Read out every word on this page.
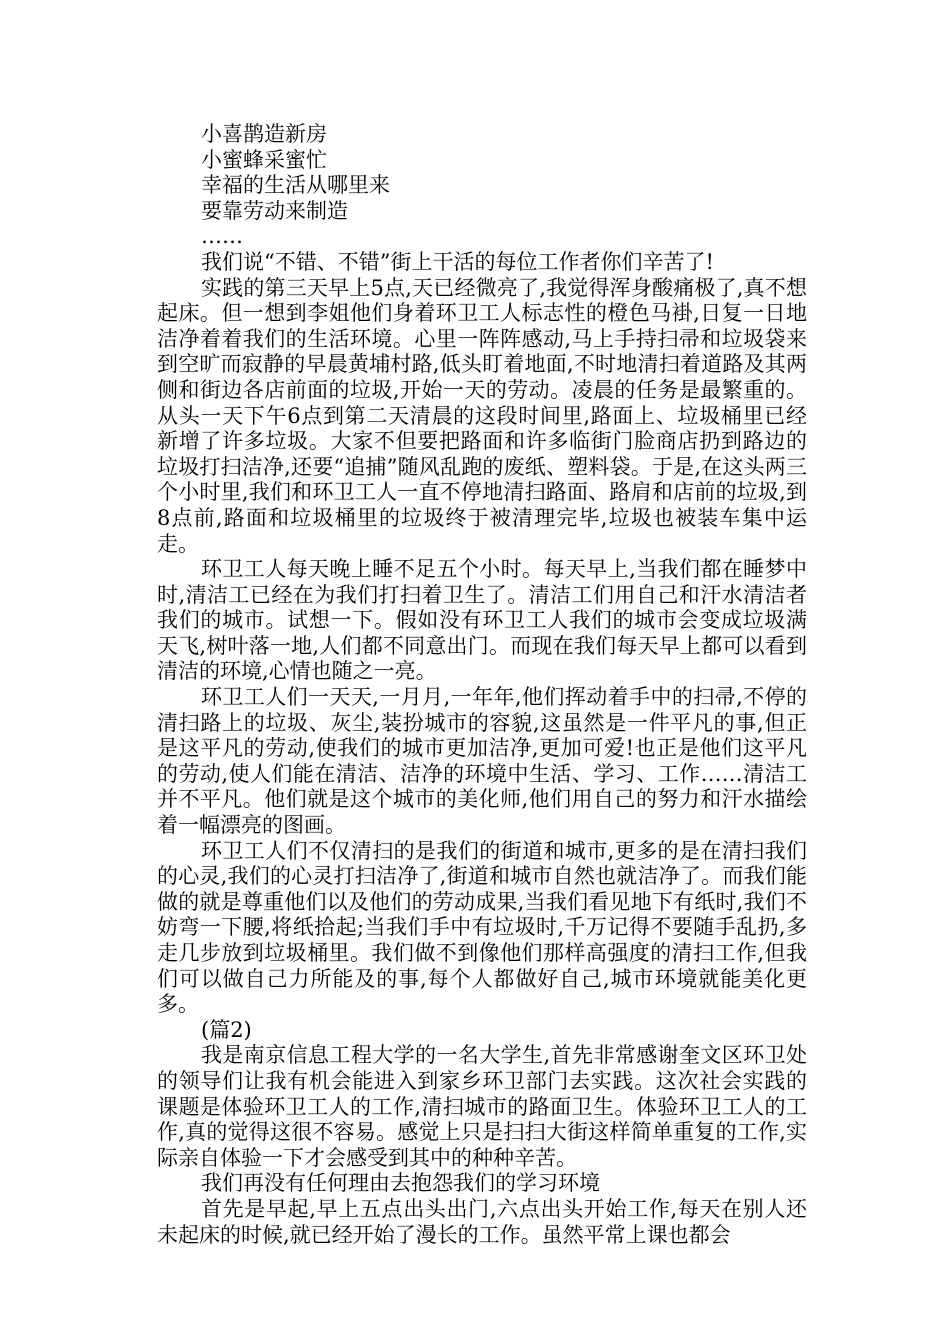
小喜鹊造新房
小蜜蜂采蜜忙
幸福的生活从哪里来
要靠劳动来制造
……

我们说“不错、不错”街上干活的每位工作者你们辛苦了!

实践的第三天早上5点,天已经微亮了,我觉得浑身酸痛极了,真不想起床。但一想到李姐他们身着环卫工人标志性的橙色马褂,日复一日地洁净着着我们的生活环境。心里一阵阵感动,马上手持扫帚和垃圾袋来到空旷而寂静的早晨黄埔村路,低头盯着地面,不时地清扫着道路及其两侧和街边各店前面的垃圾,开始一天的劳动。凌晨的任务是最繁重的。从头一天下午6点到第二天清晨的这段时间里,路面上、垃圾桶里已经新增了许多垃圾。大家不但要把路面和许多临街门脸商店扔到路边的垃圾打扫洁净,还要“追捕”随风乱跑的废纸、塑料袋。于是,在这头两三个小时里,我们和环卫工人一直不停地清扫路面、路肩和店前的垃圾,到8点前,路面和垃圾桶里的垃圾终于被清理完毕,垃圾也被装车集中运走。

环卫工人每天晚上睡不足五个小时。每天早上,当我们都在睡梦中时,清洁工已经在为我们打扫着卫生了。清洁工们用自己和汗水清洁者我们的城市。试想一下。假如没有环卫工人我们的城市会变成垃圾满天飞,树叶落一地,人们都不同意出门。而现在我们每天早上都可以看到清洁的环境,心情也随之一亮。

环卫工人们一天天,一月月,一年年,他们挥动着手中的扫帚,不停的清扫路上的垃圾、灰尘,装扮城市的容貌,这虽然是一件平凡的事,但正是这平凡的劳动,使我们的城市更加洁净,更加可爱!也正是他们这平凡的劳动,使人们能在清洁、洁净的环境中生活、学习、工作……清洁工并不平凡。他们就是这个城市的美化师,他们用自己的努力和汗水描绘着一幅漂亮的图画。

环卫工人们不仅清扫的是我们的街道和城市,更多的是在清扫我们的心灵,我们的心灵打扫洁净了,街道和城市自然也就洁净了。而我们能做的就是尊重他们以及他们的劳动成果,当我们看见地下有纸时,我们不妨弯一下腰,将纸拾起;当我们手中有垃圾时,千万记得不要随手乱扔,多走几步放到垃圾桶里。我们做不到像他们那样高强度的清扫工作,但我们可以做自己力所能及的事,每个人都做好自己,城市环境就能美化更多。

(篇2)

我是南京信息工程大学的一名大学生,首先非常感谢奎文区环卫处的领导们让我有机会能进入到家乡环卫部门去实践。这次社会实践的课题是体验环卫工人的工作,清扫城市的路面卫生。体验环卫工人的工作,真的觉得这很不容易。感觉上只是扫扫大街这样简单重复的工作,实际亲自体验一下才会感受到其中的种种辛苦。

我们再没有任何理由去抱怨我们的学习环境

首先是早起,早上五点出头出门,六点出头开始工作,每天在别人还未起床的时候,就已经开始了漫长的工作。虽然平常上课也都会
